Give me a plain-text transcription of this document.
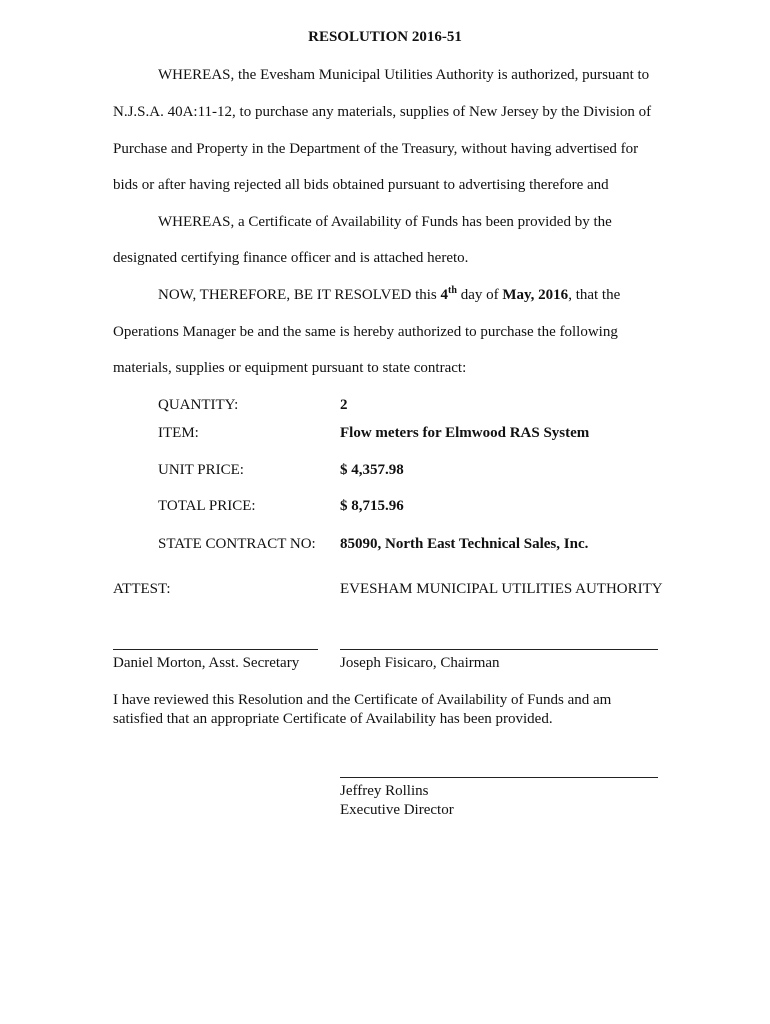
RESOLUTION 2016-51
WHEREAS, the Evesham Municipal Utilities Authority is authorized, pursuant to
N.J.S.A. 40A:11-12, to purchase any materials, supplies of New Jersey by the Division of
Purchase and Property in the Department of the Treasury, without having advertised for
bids or after having rejected all bids obtained pursuant to advertising therefore and
WHEREAS, a Certificate of Availability of Funds has been provided by the
designated certifying finance officer and is attached hereto.
NOW, THEREFORE, BE IT RESOLVED this 4th day of May, 2016, that the
Operations Manager be and the same is hereby authorized to purchase the following
materials, supplies or equipment pursuant to state contract:
QUANTITY:	2
ITEM:	Flow meters for Elmwood RAS System
UNIT PRICE:	$ 4,357.98
TOTAL PRICE:	$ 8,715.96
STATE CONTRACT NO: 85090, North East Technical Sales, Inc.
ATTEST:	EVESHAM MUNICIPAL UTILITIES AUTHORITY
Daniel Morton, Asst. Secretary	Joseph Fisicaro, Chairman
I have reviewed this Resolution and the Certificate of Availability of Funds and am
satisfied that an appropriate Certificate of Availability has been provided.
Jeffrey Rollins
Executive Director
